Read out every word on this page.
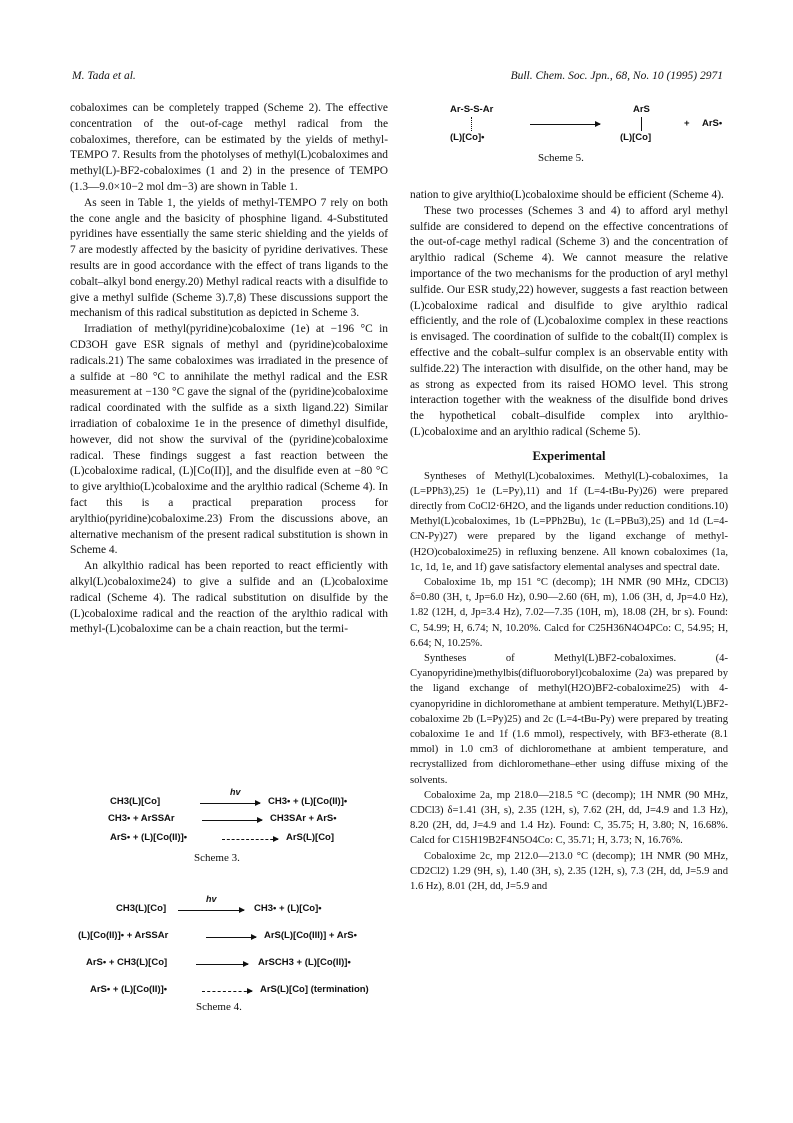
M. Tada et al.	Bull. Chem. Soc. Jpn., 68, No. 10 (1995) 2971

cobaloximes can be completely trapped (Scheme 2). The effective concentration of the out-of-cage methyl radical from the cobaloximes, therefore, can be estimated by the yields of methyl-TEMPO 7. Results from the photolyses of methyl(L)cobaloximes and methyl(L)-BF2-cobaloximes (1 and 2) in the presence of TEMPO (1.3—9.0×10−2 mol dm−3) are shown in Table 1.

As seen in Table 1, the yields of methyl-TEMPO 7 rely on both the cone angle and the basicity of phosphine ligand. 4-Substituted pyridines have essentially the same steric shielding and the yields of 7 are modestly affected by the basicity of pyridine derivatives. These results are in good accordance with the effect of trans ligands to the cobalt–alkyl bond energy.20) Methyl radical reacts with a disulfide to give a methyl sulfide (Scheme 3).7,8) These discussions support the mechanism of this radical substitution as depicted in Scheme 3.

Irradiation of methyl(pyridine)cobaloxime (1e) at −196 °C in CD3OH gave ESR signals of methyl and (pyridine)cobaloxime radicals.21) The same cobaloximes was irradiated in the presence of a sulfide at −80 °C to annihilate the methyl radical and the ESR measurement at −130 °C gave the signal of the (pyridine)cobaloxime radical coordinated with the sulfide as a sixth ligand.22) Similar irradiation of cobaloxime 1e in the presence of dimethyl disulfide, however, did not show the survival of the (pyridine)cobaloxime radical. These findings suggest a fast reaction between the (L)cobaloxime radical, (L)[Co(II)], and the disulfide even at −80 °C to give arylthio(L)cobaloxime and the arylthio radical (Scheme 4). In fact this is a practical preparation process for arylthio(pyridine)cobaloxime.23) From the discussions above, an alternative mechanism of the present radical substitution is shown in Scheme 4.

An alkylthio radical has been reported to react efficiently with alkyl(L)cobaloxime24) to give a sulfide and an (L)cobaloxime radical (Scheme 4). The radical substitution on disulfide by the (L)cobaloxime radical and the reaction of the arylthio radical with methyl-(L)cobaloxime can be a chain reaction, but the termi-

hv
CH3(L)[Co]	CH3• + (L)[Co(II)]•
CH3• + ArSSAr	CH3SAr + ArS•
ArS• + (L)[Co(II)]•	ArS(L)[Co]
Scheme 3.
hv
CH3(L)[Co]	CH3• + (L)[Co]•
(L)[Co(II)]• + ArSSAr	ArS(L)[Co(III)] + ArS•
ArS• + CH3(L)[Co]	ArSCH3 + (L)[Co(II)]•
ArS• + (L)[Co(II)]•	ArS(L)[Co] (termination)
Scheme 4.
Ar-S-S-Ar
(L)[Co]•
ArS
(L)[Co]
+ ArS•
Scheme 5.

nation to give arylthio(L)cobaloxime should be efficient (Scheme 4).

These two processes (Schemes 3 and 4) to afford aryl methyl sulfide are considered to depend on the effective concentrations of the out-of-cage methyl radical (Scheme 3) and the concentration of arylthio radical (Scheme 4). We cannot measure the relative importance of the two mechanisms for the production of aryl methyl sulfide. Our ESR study,22) however, suggests a fast reaction between (L)cobaloxime radical and disulfide to give arylthio radical efficiently, and the role of (L)cobaloxime complex in these reactions is envisaged. The coordination of sulfide to the cobalt(II) complex is effective and the cobalt–sulfur complex is an observable entity with sulfide.22) The interaction with disulfide, on the other hand, may be as strong as expected from its raised HOMO level. This strong interaction together with the weakness of the disulfide bond drives the hypothetical cobalt–disulfide complex into arylthio-(L)cobaloxime and an arylthio radical (Scheme 5).

Experimental

Syntheses of Methyl(L)cobaloximes. Methyl(L)-cobaloximes, 1a (L=PPh3),25) 1e (L=Py),11) and 1f (L=4-tBu-Py)26) were prepared directly from CoCl2·6H2O, and the ligands under reduction conditions.10) Methyl(L)cobaloximes, 1b (L=PPh2Bu), 1c (L=PBu3),25) and 1d (L=4-CN-Py)27) were prepared by the ligand exchange of methyl-(H2O)cobaloxime25) in refluxing benzene. All known cobaloximes (1a, 1c, 1d, 1e, and 1f) gave satisfactory elemental analyses and spectral date.

Cobaloxime 1b, mp 151 °C (decomp); 1H NMR (90 MHz, CDCl3) δ=0.80 (3H, t, Jp=6.0 Hz), 0.90—2.60 (6H, m), 1.06 (3H, d, Jp=4.0 Hz), 1.82 (12H, d, Jp=3.4 Hz), 7.02—7.35 (10H, m), 18.08 (2H, br s). Found: C, 54.99; H, 6.74; N, 10.20%. Calcd for C25H36N4O4PCo: C, 54.95; H, 6.64; N, 10.25%.

Syntheses of Methyl(L)BF2-cobaloximes. (4-Cyanopyridine)methylbis(difluoroboryl)cobaloxime (2a) was prepared by the ligand exchange of methyl(H2O)BF2-cobaloxime25) with 4-cyanopyridine in dichloromethane at ambient temperature. Methyl(L)BF2-cobaloxime 2b (L=Py)25) and 2c (L=4-tBu-Py) were prepared by treating cobaloxime 1e and 1f (1.6 mmol), respectively, with BF3-etherate (8.1 mmol) in 1.0 cm3 of dichloromethane at ambient temperature, and recrystallized from dichloromethane–ether using diffuse mixing of the solvents.

Cobaloxime 2a, mp 218.0—218.5 °C (decomp); 1H NMR (90 MHz, CDCl3) δ=1.41 (3H, s), 2.35 (12H, s), 7.62 (2H, dd, J=4.9 and 1.3 Hz), 8.20 (2H, dd, J=4.9 and 1.4 Hz). Found: C, 35.75; H, 3.80; N, 16.68%. Calcd for C15H19B2F4N5O4Co: C, 35.71; H, 3.73; N, 16.76%.

Cobaloxime 2c, mp 212.0—213.0 °C (decomp); 1H NMR (90 MHz, CD2Cl2) 1.29 (9H, s), 1.40 (3H, s), 2.35 (12H, s), 7.3 (2H, dd, J=5.9 and 1.6 Hz), 8.01 (2H, dd, J=5.9 and
